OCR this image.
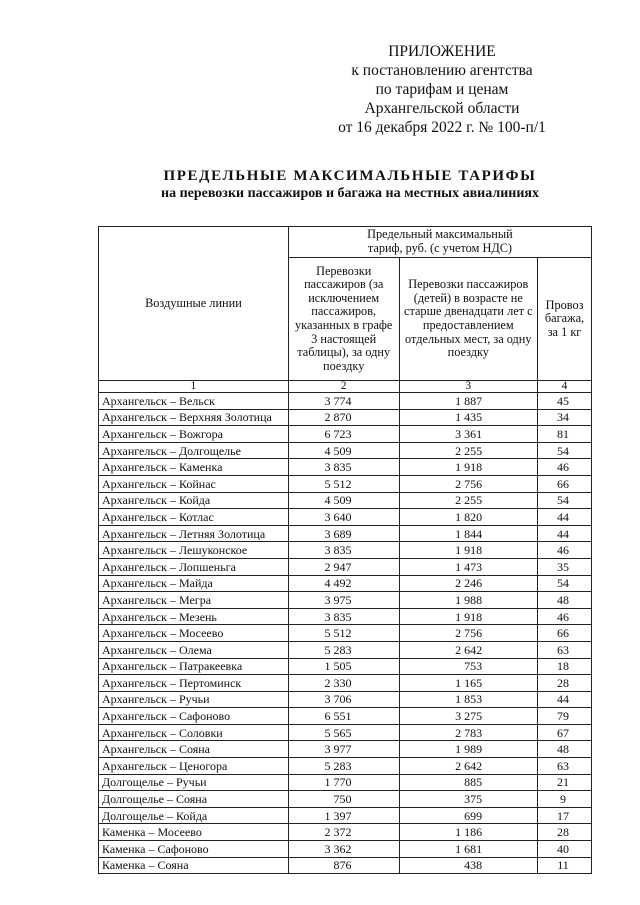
ПРИЛОЖЕНИЕ
к постановлению агентства
по тарифам и ценам
Архангельской области
от 16 декабря 2022 г. № 100-п/1
ПРЕДЕЛЬНЫЕ МАКСИМАЛЬНЫЕ ТАРИФЫ
на перевозки пассажиров и багажа на местных авиалиниях
Воздушные линии	Предельный максимальный тариф, руб. (с учетом НДС)		
	Перевозки пассажиров (за исключением пассажиров, указанных в графе 3 настоящей таблицы), за одну поездку	Перевозки пассажиров (детей) в возрасте не старше двенадцати лет с предоставлением отдельных мест, за одну поездку	Провоз багажа, за 1 кг
1	2	3	4
Архангельск – Вельск	3 774	1 887	45
Архангельск – Верхняя Золотица	2 870	1 435	34
Архангельск – Вожгора	6 723	3 361	81
Архангельск – Долгощелье	4 509	2 255	54
Архангельск – Каменка	3 835	1 918	46
Архангельск – Койнас	5 512	2 756	66
Архангельск – Койда	4 509	2 255	54
Архангельск – Котлас	3 640	1 820	44
Архангельск – Летняя Золотица	3 689	1 844	44
Архангельск – Лешуконское	3 835	1 918	46
Архангельск – Лопшеньга	2 947	1 473	35
Архангельск – Майда	4 492	2 246	54
Архангельск – Мегра	3 975	1 988	48
Архангельск – Мезень	3 835	1 918	46
Архангельск – Мосеево	5 512	2 756	66
Архангельск – Олема	5 283	2 642	63
Архангельск – Патракеевка	1 505	753	18
Архангельск – Пертоминск	2 330	1 165	28
Архангельск – Ручьи	3 706	1 853	44
Архангельск – Сафоново	6 551	3 275	79
Архангельск – Соловки	5 565	2 783	67
Архангельск – Сояна	3 977	1 989	48
Архангельск – Ценогора	5 283	2 642	63
Долгощелье – Ручьи	1 770	885	21
Долгощелье – Сояна	750	375	9
Долгощелье – Койда	1 397	699	17
Каменка – Мосеево	2 372	1 186	28
Каменка – Сафоново	3 362	1 681	40
Каменка – Сояна	876	438	11
